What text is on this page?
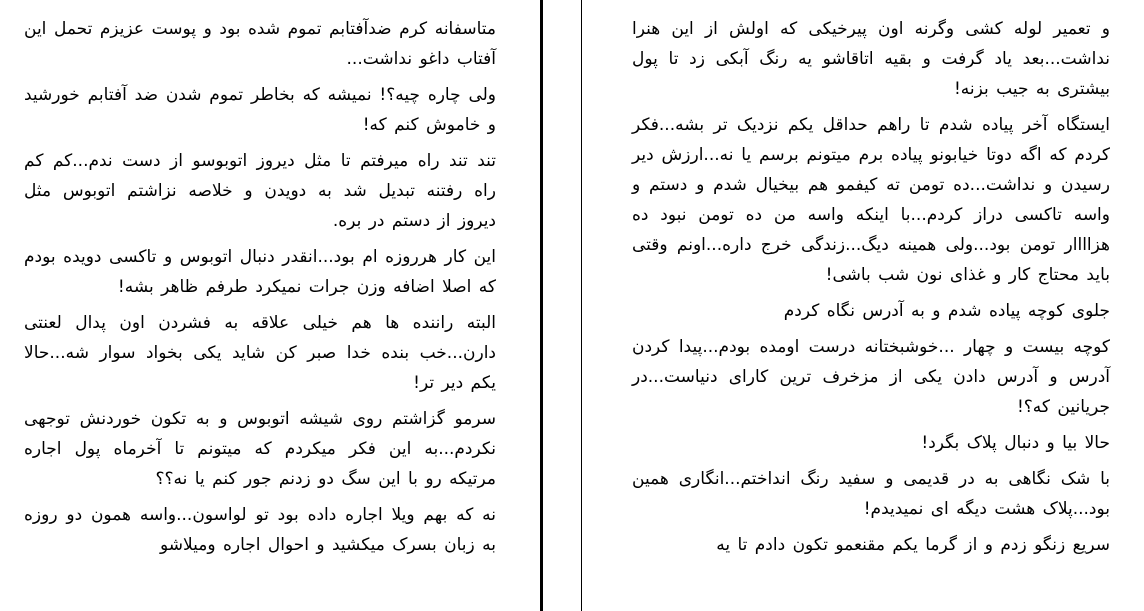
متاسفانه کرم ضدآفتابم تموم شده بود و پوست عزیزم تحمل این آفتاب داغو نداشت...

ولی چاره چیه؟! نمیشه که بخاطر تموم شدن ضد آفتابم خورشید و خاموش کنم که!

تند تند راه میرفتم تا مثل دیروز اتوبوسو از دست ندم...کم کم راه رفتنه تبدیل شد به دویدن و خلاصه نزاشتم اتوبوس مثل دیروز از دستم در بره.

این کار هرروزه ام بود...انقدر دنبال اتوبوس و تاکسی دویده بودم که اصلا اضافه وزن جرات نمیکرد طرفم ظاهر بشه!

البته راننده ها هم خیلی علاقه به فشردن اون پدال لعنتی دارن...خب بنده خدا صبر کن شاید یکی بخواد سوار شه...حالا یکم دیر تر!

سرمو گزاشتم روی شیشه اتوبوس و به تکون خوردنش توجهی نکردم...به این فکر میکردم که میتونم تا آخرماه پول اجاره مرتیکه رو با این سگ دو زدنم جور کنم یا نه؟؟

نه که بهم ویلا اجاره داده بود تو لواسون...واسه همون دو روزه به زبان بسرک میکشید و احوال اجاره ومیلاشو

و تعمیر لوله کشی وگرنه اون پیرخیکی که اولش از این هنرا نداشت...بعد یاد گرفت و بقیه اتاقاشو یه رنگ آبکی زد تا پول بیشتری به جیب بزنه!

ایستگاه آخر پیاده شدم تا راهم حداقل یکم نزدیک تر بشه...فکر کردم که اگه دوتا خیابونو پیاده برم میتونم برسم یا نه...ارزش دیر رسیدن و نداشت...ده تومن ته کیفمو هم بیخیال شدم و دستم و واسه تاکسی دراز کردم...با اینکه واسه من ده تومن نبود ده هزاااار تومن بود...ولی همینه دیگ...زندگی خرج داره...اونم وقتی باید محتاج کار و غذای نون شب باشی!

جلوی کوچه پیاده شدم و به آدرس نگاه کردم

کوچه بیست و چهار ...خوشبختانه درست اومده بودم...پیدا کردن آدرس و آدرس دادن یکی از مزخرف ترین کارای دنیاست...در جریانین که؟!

حالا بیا و دنبال پلاک بگرد!

با شک نگاهی به در قدیمی و سفید رنگ انداختم...انگاری همین بود...پلاک هشت دیگه ای نمیدیدم!

سریع زنگو زدم و از گرما یکم مقنعمو تکون دادم تا یه
